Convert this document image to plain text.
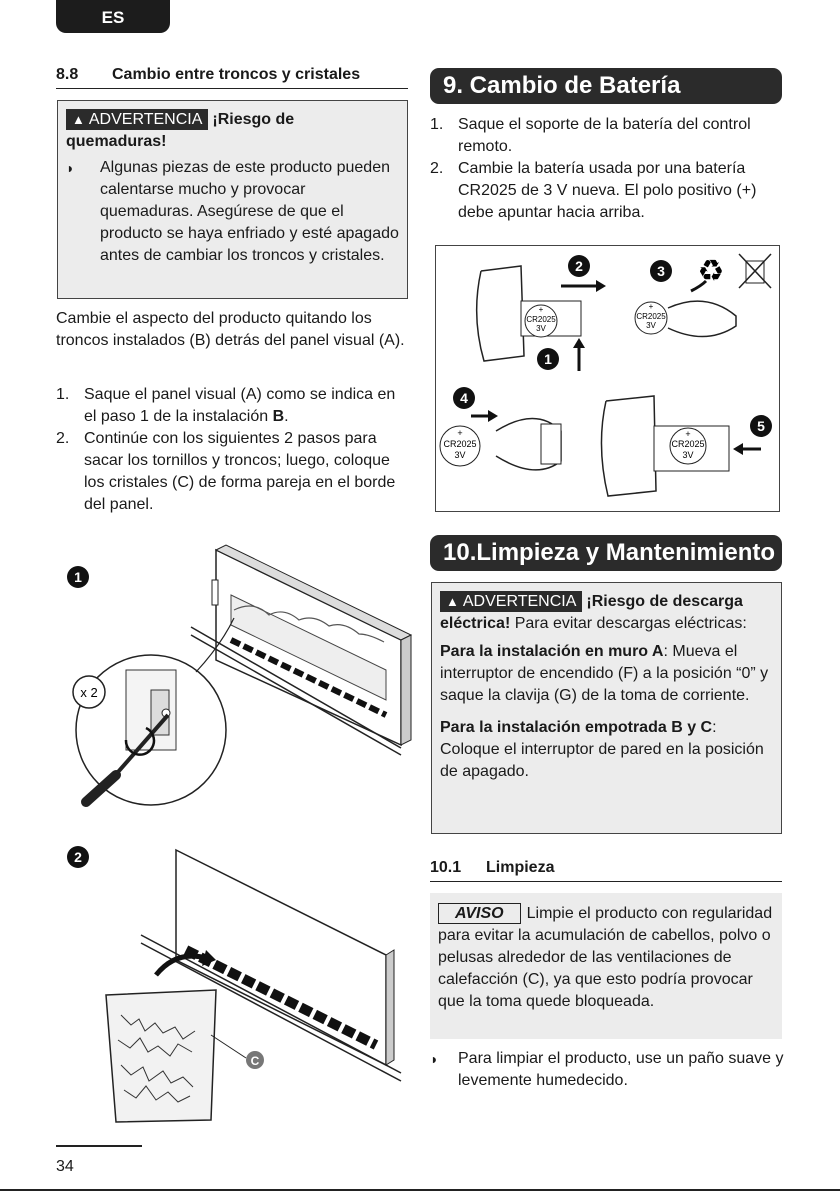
ES
8.8 Cambio entre troncos y cristales
▲ ADVERTENCIA ¡Riesgo de
quemaduras!
◗ Algunas piezas de este producto pueden calentarse mucho y provocar quemaduras. Asegúrese de que el producto se haya enfriado y esté apagado antes de cambiar los troncos y cristales.
Cambie el aspecto del producto quitando los troncos instalados (B) detrás del panel visual (A).
1. Saque el panel visual (A) como se indica en el paso 1 de la instalación B.
2. Continúe con los siguientes 2 pasos para sacar los tornillos y troncos; luego, coloque los cristales (C) de forma pareja en el borde del panel.
1
x 2
2
C
9. Cambio de Batería
1. Saque el soporte de la batería del control remoto.
2. Cambie la batería usada por una batería CR2025 de 3 V nueva. El polo positivo (+) debe apuntar hacia arriba.
+
CR2025
3V
2
1
3 ♻
+
CR2025
3V
4
+
CR2025
3V
+
CR2025
3V
5
10.Limpieza y Mantenimiento
▲ ADVERTENCIA ¡Riesgo de descarga eléctrica! Para evitar descargas eléctricas:
Para la instalación en muro A: Mueva el interruptor de encendido (F) a la posición “0” y saque la clavija (G) de la toma de corriente.
Para la instalación empotrada B y C: Coloque el interruptor de pared en la posición de apagado.
10.1 Limpieza
AVISO Limpie el producto con regularidad para evitar la acumulación de cabellos, polvo o pelusas alrededor de las ventilaciones de calefacción (C), ya que esto podría provocar que la toma quede bloqueada.
◗ Para limpiar el producto, use un paño suave y levemente humedecido.
34
